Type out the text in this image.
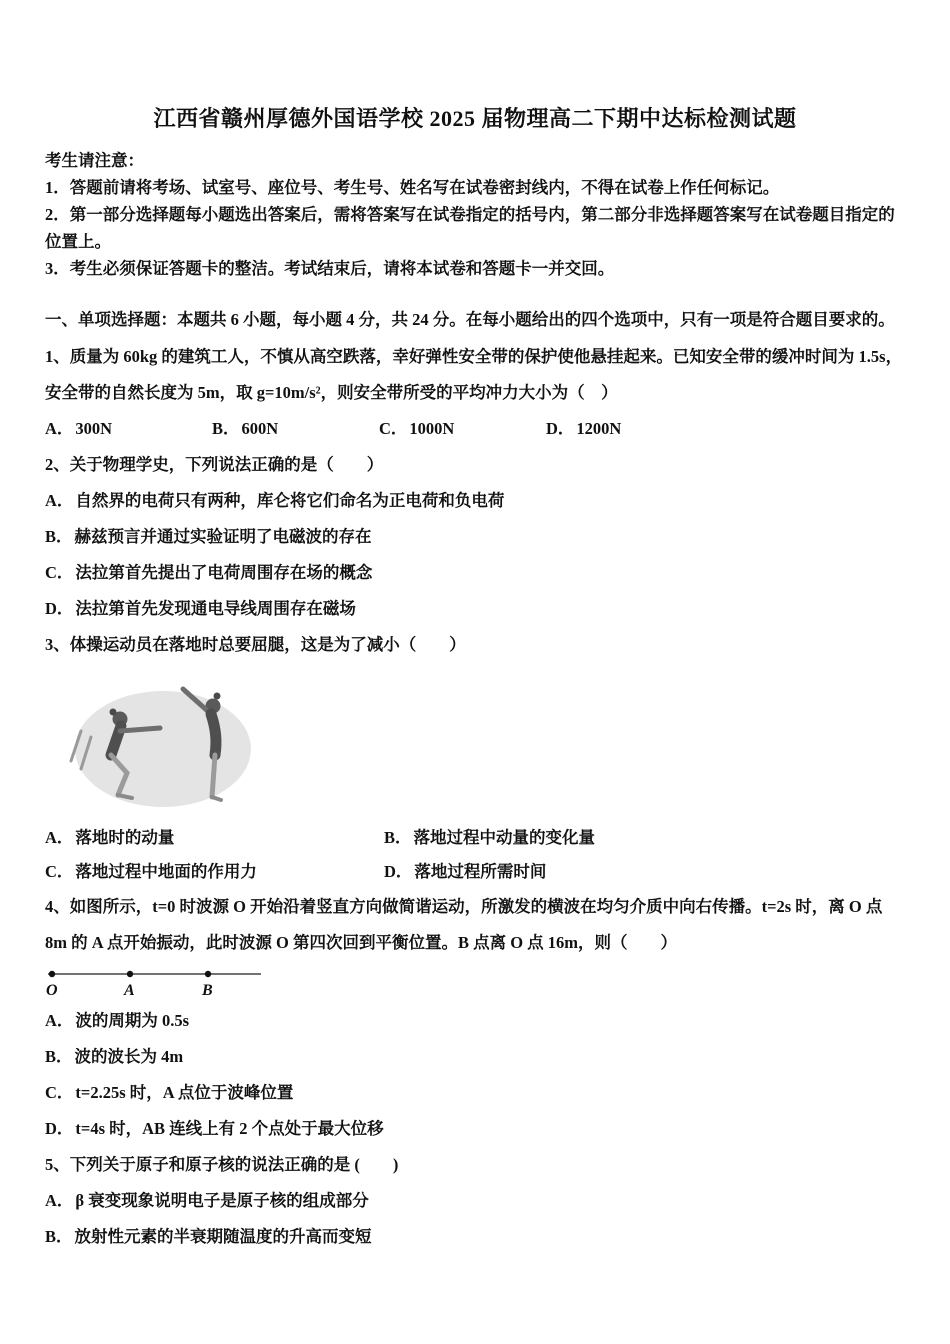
江西省赣州厚德外国语学校 2025 届物理高二下期中达标检测试题

考生请注意：

1．答题前请将考场、试室号、座位号、考生号、姓名写在试卷密封线内，不得在试卷上作任何标记。

2．第一部分选择题每小题选出答案后，需将答案写在试卷指定的括号内，第二部分非选择题答案写在试卷题目指定的位置上。

3．考生必须保证答题卡的整洁。考试结束后，请将本试卷和答题卡一并交回。

一、单项选择题：本题共 6 小题，每小题 4 分，共 24 分。在每小题给出的四个选项中，只有一项是符合题目要求的。

1、质量为 60kg 的建筑工人，不慎从高空跌落，幸好弹性安全带的保护使他悬挂起来。已知安全带的缓冲时间为 1.5s，安全带的自然长度为 5m，取 g=10m/s²，则安全带所受的平均冲力大小为（　）

A． 300N	B． 600N	C． 1000N	D． 1200N

2、关于物理学史，下列说法正确的是（　　）

A． 自然界的电荷只有两种，库仑将它们命名为正电荷和负电荷
B． 赫兹预言并通过实验证明了电磁波的存在
C． 法拉第首先提出了电荷周围存在场的概念
D． 法拉第首先发现通电导线周围存在磁场

3、体操运动员在落地时总要屈腿，这是为了减小（　　）

A． 落地时的动量	B． 落地过程中动量的变化量
C． 落地过程中地面的作用力	D． 落地过程所需时间

4、如图所示，t=0 时波源 O 开始沿着竖直方向做简谐运动，所激发的横波在均匀介质中向右传播。t=2s 时，离 O 点 8m 的 A 点开始振动，此时波源 O 第四次回到平衡位置。B 点离 O 点 16m，则（　　）

O	A	B
A． 波的周期为 0.5s
B． 波的波长为 4m
C． t=2.25s 时，A 点位于波峰位置
D． t=4s 时，AB 连线上有 2 个点处于最大位移

5、下列关于原子和原子核的说法正确的是 (　　)

A． β 衰变现象说明电子是原子核的组成部分
B． 放射性元素的半衰期随温度的升高而变短
